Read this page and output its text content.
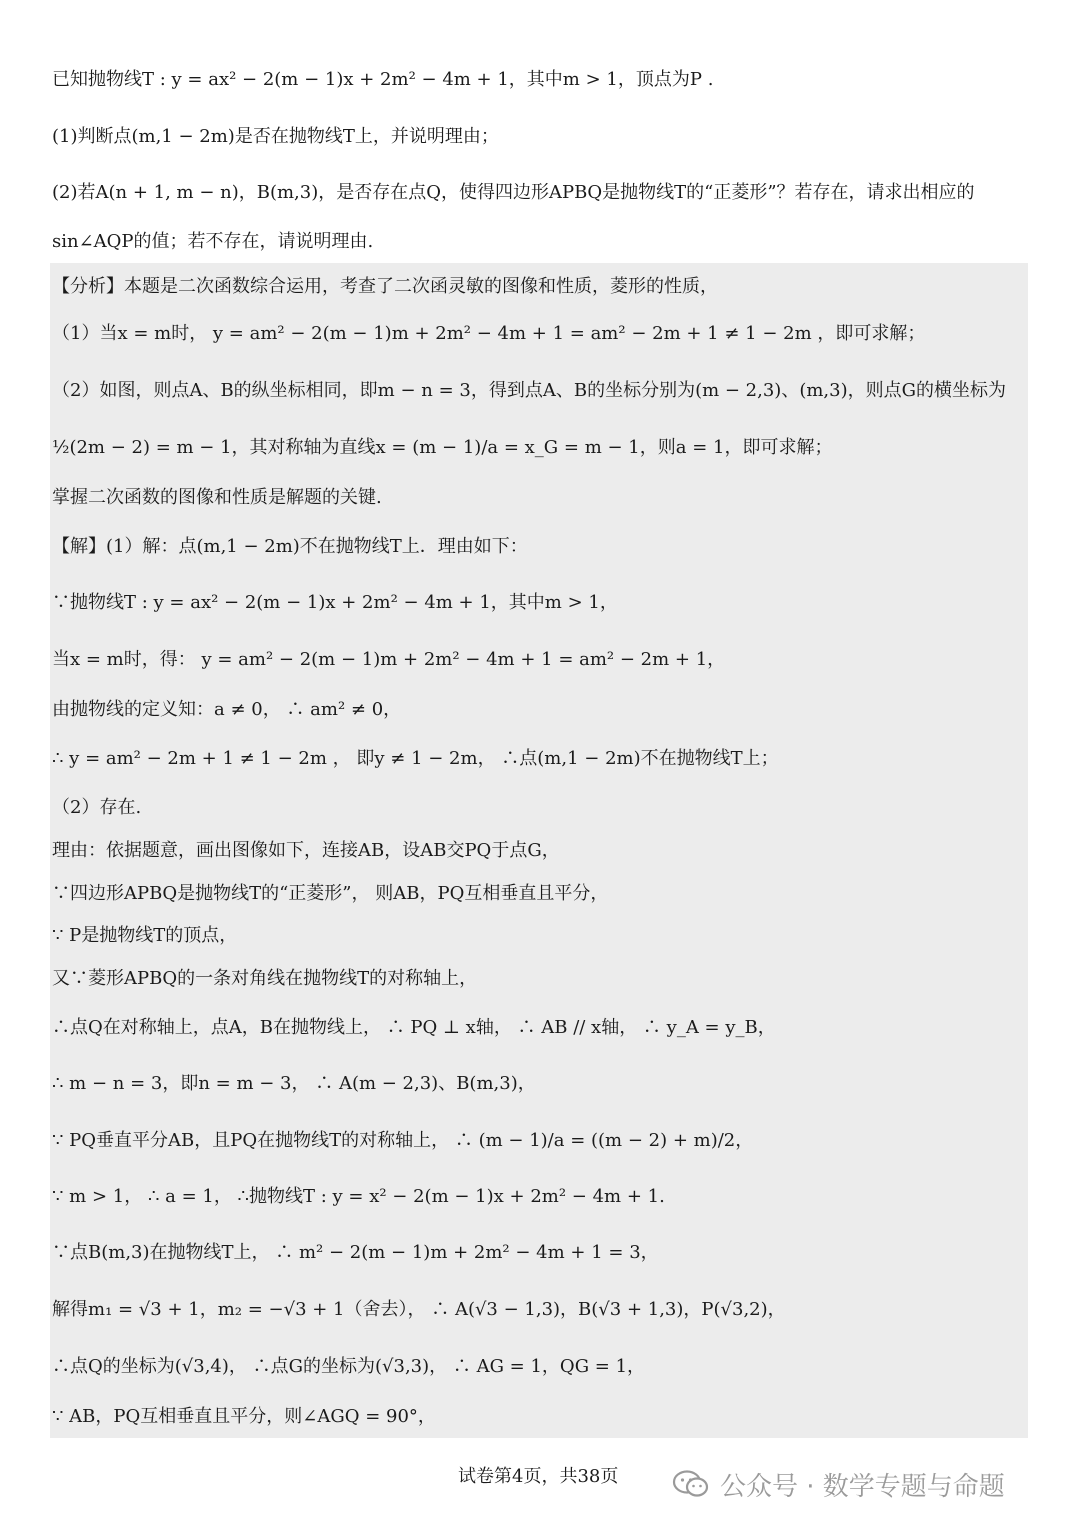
已知抛物线T : y = ax² − 2(m − 1)x + 2m² − 4m + 1，其中m > 1，顶点为P .
(1)判断点(m,1 − 2m)是否在抛物线T上，并说明理由；
(2)若A(n + 1, m − n)，B(m,3)，是否存在点Q，使得四边形APBQ是抛物线T的“正菱形”？若存在，请求出相应的
sin∠AQP的值；若不存在，请说明理由.
【分析】本题是二次函数综合运用，考查了二次函灵敏的图像和性质，菱形的性质，
（1）当x = m时， y = am² − 2(m − 1)m + 2m² − 4m + 1 = am² − 2m + 1 ≠ 1 − 2m ，即可求解；
（2）如图，则点A、B的纵坐标相同，即m − n = 3，得到点A、B的坐标分别为(m − 2,3)、(m,3)，则点G的横坐标为
½(2m − 2) = m − 1，其对称轴为直线x = (m − 1)/a = x_G = m − 1，则a = 1，即可求解；
掌握二次函数的图像和性质是解题的关键.
【解】(1）解：点(m,1 − 2m)不在抛物线T上．理由如下：
∵抛物线T : y = ax² − 2(m − 1)x + 2m² − 4m + 1，其中m > 1，
当x = m时，得： y = am² − 2(m − 1)m + 2m² − 4m + 1 = am² − 2m + 1，
由抛物线的定义知：a ≠ 0， ∴ am² ≠ 0，
∴ y = am² − 2m + 1 ≠ 1 − 2m ， 即y ≠ 1 − 2m， ∴点(m,1 − 2m)不在抛物线T上；
（2）存在.
理由：依据题意，画出图像如下，连接AB，设AB交PQ于点G，
∵四边形APBQ是抛物线T的“正菱形”， 则AB，PQ互相垂直且平分，
∵ P是抛物线T的顶点，
又∵菱形APBQ的一条对角线在抛物线T的对称轴上，
∴点Q在对称轴上，点A，B在抛物线上， ∴ PQ ⊥ x轴， ∴ AB // x轴， ∴ y_A = y_B，
∴ m − n = 3，即n = m − 3， ∴ A(m − 2,3)、B(m,3)，
∵ PQ垂直平分AB，且PQ在抛物线T的对称轴上， ∴ (m − 1)/a = ((m − 2) + m)/2，
∵ m > 1， ∴ a = 1， ∴抛物线T : y = x² − 2(m − 1)x + 2m² − 4m + 1.
∵点B(m,3)在抛物线T上， ∴ m² − 2(m − 1)m + 2m² − 4m + 1 = 3，
解得m₁ = √3 + 1，m₂ = −√3 + 1（舍去）， ∴ A(√3 − 1,3)，B(√3 + 1,3)，P(√3,2)，
∴点Q的坐标为(√3,4)， ∴点G的坐标为(√3,3)， ∴ AG = 1，QG = 1，
∵ AB，PQ互相垂直且平分，则∠AGQ = 90°，
试卷第4页，共38页	公众号 · 数学专题与命题
